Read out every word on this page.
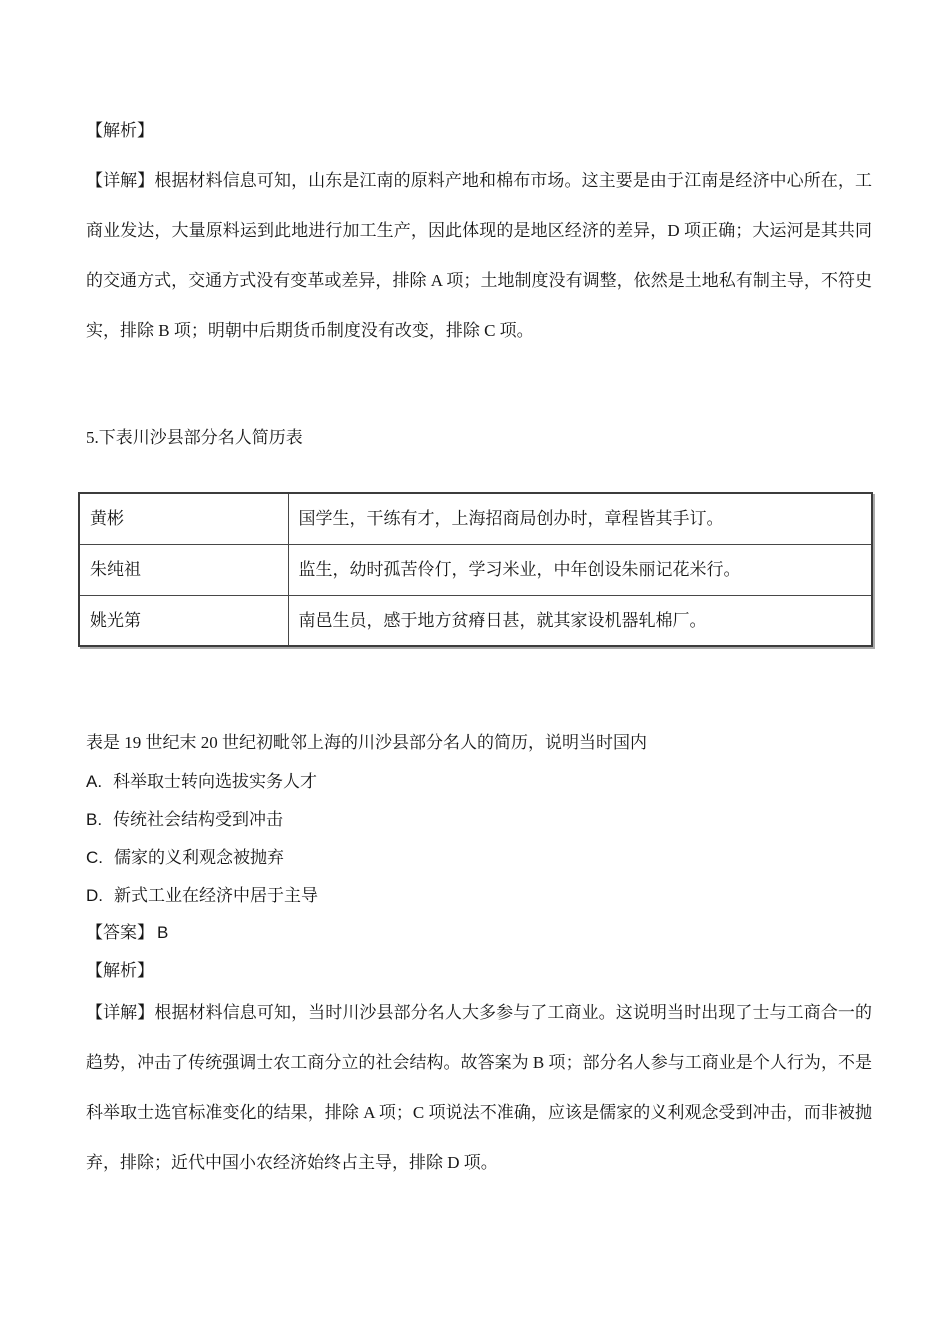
【解析】
【详解】根据材料信息可知，山东是江南的原料产地和棉布市场。这主要是由于江南是经济中心所在，工
商业发达，大量原料运到此地进行加工生产，因此体现的是地区经济的差异，D 项正确；大运河是其共同
的交通方式，交通方式没有变革或差异，排除 A 项；土地制度没有调整，依然是土地私有制主导，不符史
实，排除 B 项；明朝中后期货币制度没有改变，排除 C 项。
5.下表川沙县部分名人简历表
黄彬	国学生，干练有才，上海招商局创办时，章程皆其手订。
朱纯祖	监生，幼时孤苦伶仃，学习米业，中年创设朱丽记花米行。
姚光第	南邑生员，感于地方贫瘠日甚，就其家设机器轧棉厂。
表是 19 世纪末 20 世纪初毗邻上海的川沙县部分名人的简历，说明当时国内
A. 科举取士转向选拔实务人才
B. 传统社会结构受到冲击
C. 儒家的义利观念被抛弃
D. 新式工业在经济中居于主导
【答案】 B
【解析】
【详解】根据材料信息可知，当时川沙县部分名人大多参与了工商业。这说明当时出现了士与工商合一的
趋势，冲击了传统强调士农工商分立的社会结构。故答案为 B 项；部分名人参与工商业是个人行为，不是
科举取士选官标准变化的结果，排除 A 项；C 项说法不准确，应该是儒家的义利观念受到冲击，而非被抛
弃，排除；近代中国小农经济始终占主导，排除 D 项。
